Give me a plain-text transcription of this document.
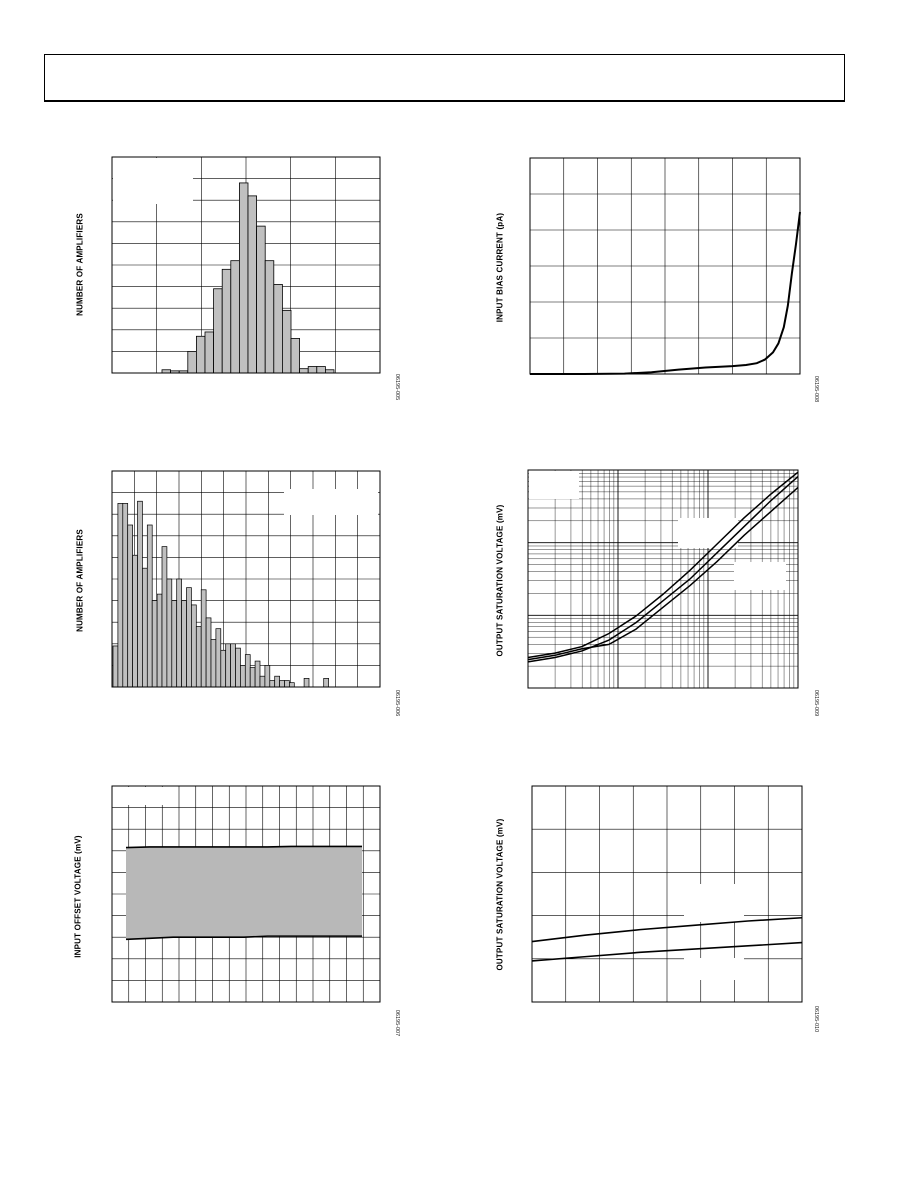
NUMBER OF AMPLIFIERS
06195-005
NUMBER OF AMPLIFIERS
06195-006
INPUT OFFSET VOLTAGE (mV)
06195-007
INPUT BIAS CURRENT (pA)
06195-008
OUTPUT SATURATION VOLTAGE (mV)
06195-009
OUTPUT SATURATION VOLTAGE (mV)
06195-010
